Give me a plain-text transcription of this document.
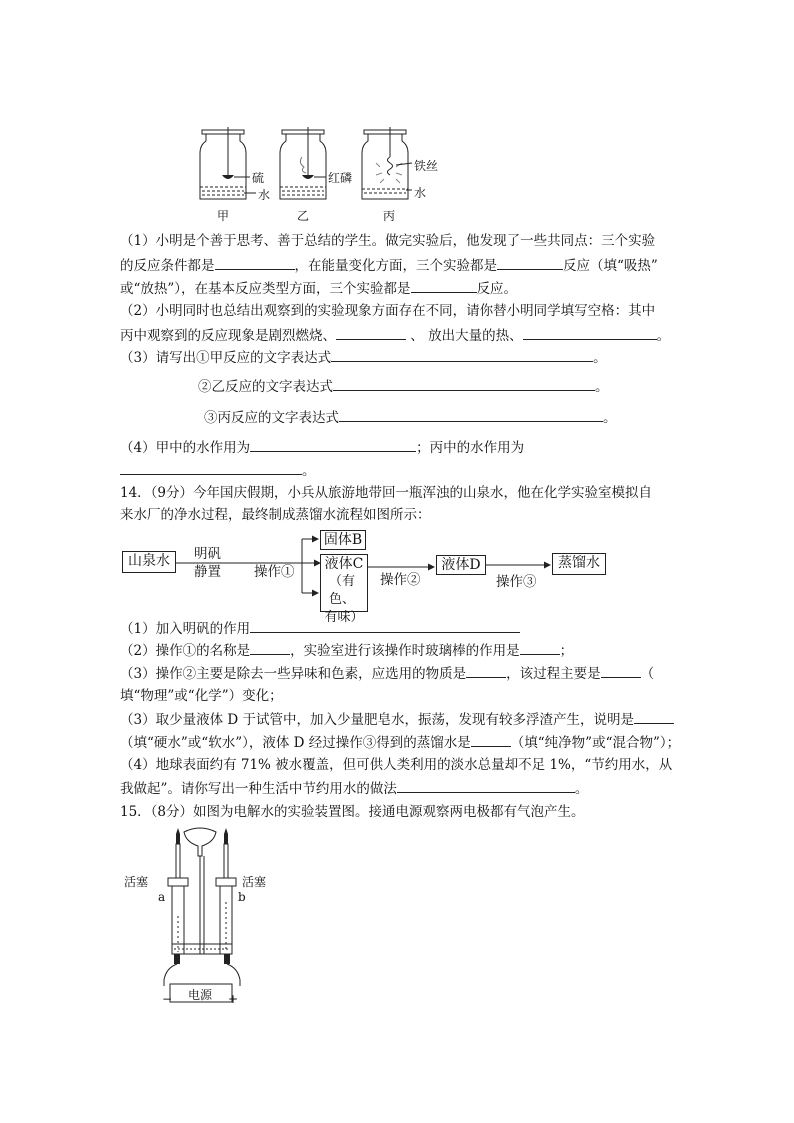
硫
水
红磷
铁丝
水
甲	乙	丙
（1）小明是个善于思考、善于总结的学生。做完实验后，他发现了一些共同点：三个实验
的反应条件都是	，在能量变化方面，三个实验都是	反应（填“吸热”
或“放热”），在基本反应类型方面，三个实验都是	反应。
（2）小明同时也总结出观察到的实验现象方面存在不同，请你替小明同学填写空格：其中
丙中观察到的反应现象是剧烈燃烧、	、 放出大量的热、	。
（3）请写出①甲反应的文字表达式	。
②乙反应的文字表达式	。
③丙反应的文字表达式	。
（4）甲中的水作用为	；丙中的水作用为
。
14．（9分）今年国庆假期，小兵从旅游地带回一瓶浑浊的山泉水，他在化学实验室模拟自
来水厂的净水过程，最终制成蒸馏水流程如图所示：
山泉水	明矾
静置 操作①
固体B
液体C
（有色、
有味）
操作②
液体D
操作③
蒸馏水
（1）加入明矾的作用
（2）操作①的名称是	，实验室进行该操作时玻璃棒的作用是	；
（3）操作②主要是除去一些异味和色素，应选用的物质是	，该过程主要是	（
填“物理”或“化学”）变化；
（3）取少量液体 D 于试管中，加入少量肥皂水，振荡，发现有较多浮渣产生，说明是
（填“硬水”或“软水”），液体 D 经过操作③得到的蒸馏水是	（填“纯净物”或“混合物”）；
（4）地球表面约有 71% 被水覆盖，但可供人类利用的淡水总量却不足 1%，“节约用水，从
我做起”。请你写出一种生活中节约用水的做法	。
15．（8分）如图为电解水的实验装置图。接通电源观察两电极都有气泡产生。
活塞	活塞
a	b
电源
−	+
